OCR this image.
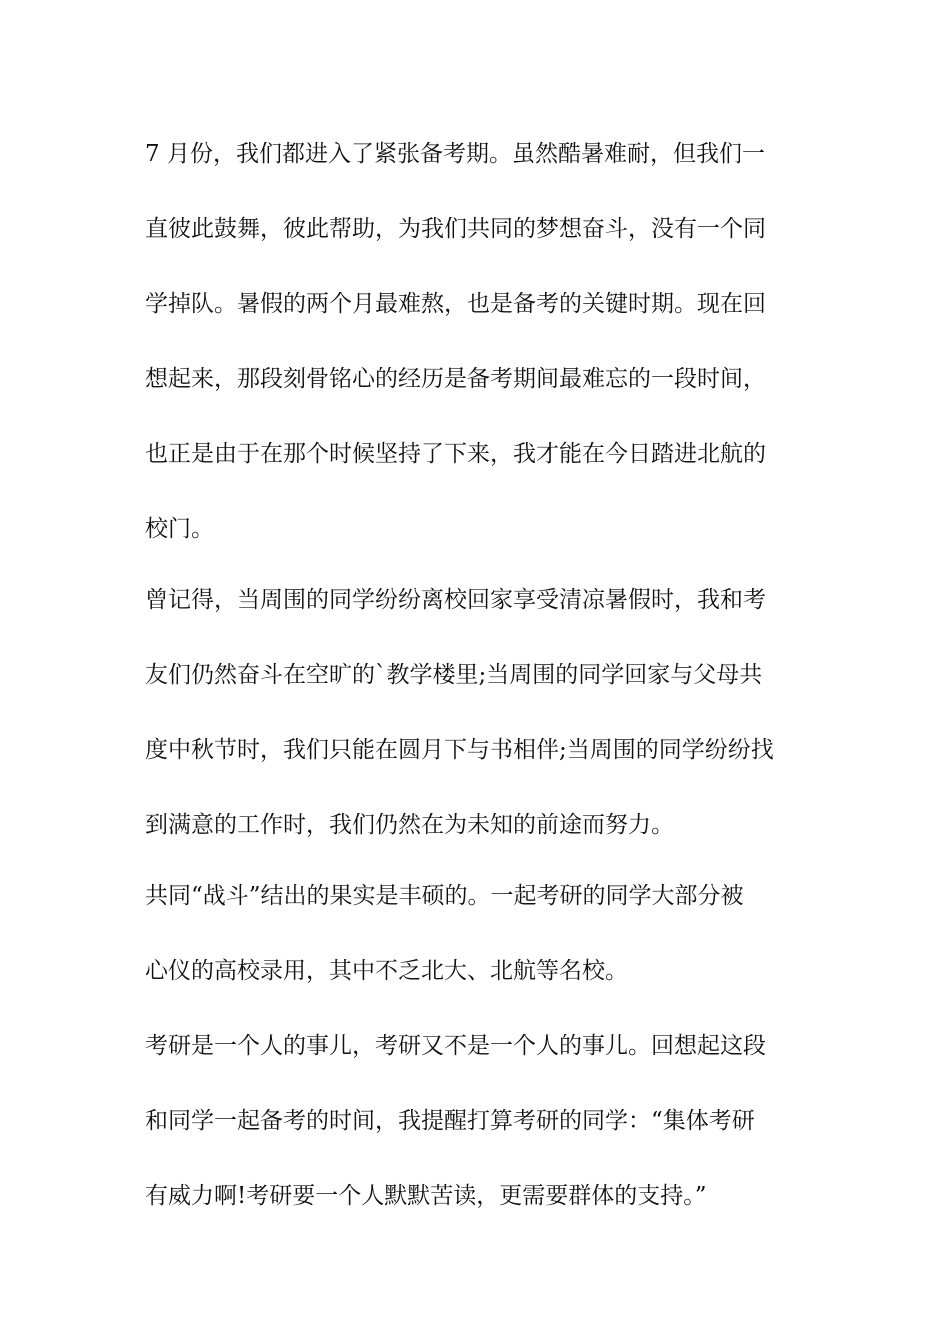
7 月份，我们都进入了紧张备考期。虽然酷暑难耐，但我们一
直彼此鼓舞，彼此帮助，为我们共同的梦想奋斗，没有一个同
学掉队。暑假的两个月最难熬，也是备考的关键时期。现在回
想起来，那段刻骨铭心的经历是备考期间最难忘的一段时间，
也正是由于在那个时候坚持了下来，我才能在今日踏进北航的
校门。
曾记得，当周围的同学纷纷离校回家享受清凉暑假时，我和考
友们仍然奋斗在空旷的`教学楼里;当周围的同学回家与父母共
度中秋节时，我们只能在圆月下与书相伴;当周围的同学纷纷找
到满意的工作时，我们仍然在为未知的前途而努力。
共同“战斗”结出的果实是丰硕的。一起考研的同学大部分被
心仪的高校录用，其中不乏北大、北航等名校。
考研是一个人的事儿，考研又不是一个人的事儿。回想起这段
和同学一起备考的时间，我提醒打算考研的同学：“集体考研
有威力啊!考研要一个人默默苦读，更需要群体的支持。”
